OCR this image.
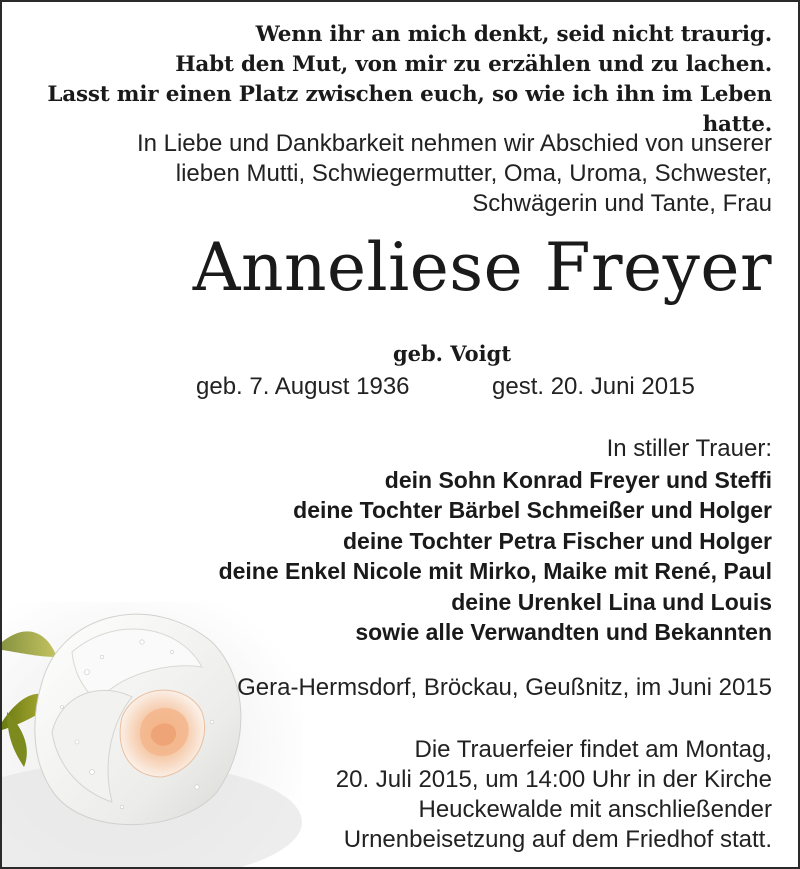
Wenn ihr an mich denkt, seid nicht traurig.
Habt den Mut, von mir zu erzählen und zu lachen.
Lasst mir einen Platz zwischen euch, so wie ich ihn im Leben hatte.
In Liebe und Dankbarkeit nehmen wir Abschied von unserer
lieben Mutti, Schwiegermutter, Oma, Uroma, Schwester,
Schwägerin und Tante, Frau
Anneliese Freyer
geb. Voigt
geb. 7. August 1936	gest. 20. Juni 2015
In stiller Trauer:
dein Sohn Konrad Freyer und Steffi
deine Tochter Bärbel Schmeißer und Holger
deine Tochter Petra Fischer und Holger
deine Enkel Nicole mit Mirko, Maike mit René, Paul
deine Urenkel Lina und Louis
sowie alle Verwandten und Bekannten
Gera-Hermsdorf, Bröckau, Geußnitz, im Juni 2015
Die Trauerfeier findet am Montag,
20. Juli 2015, um 14:00 Uhr in der Kirche
Heuckewalde mit anschließender
Urnenbeisetzung auf dem Friedhof statt.
